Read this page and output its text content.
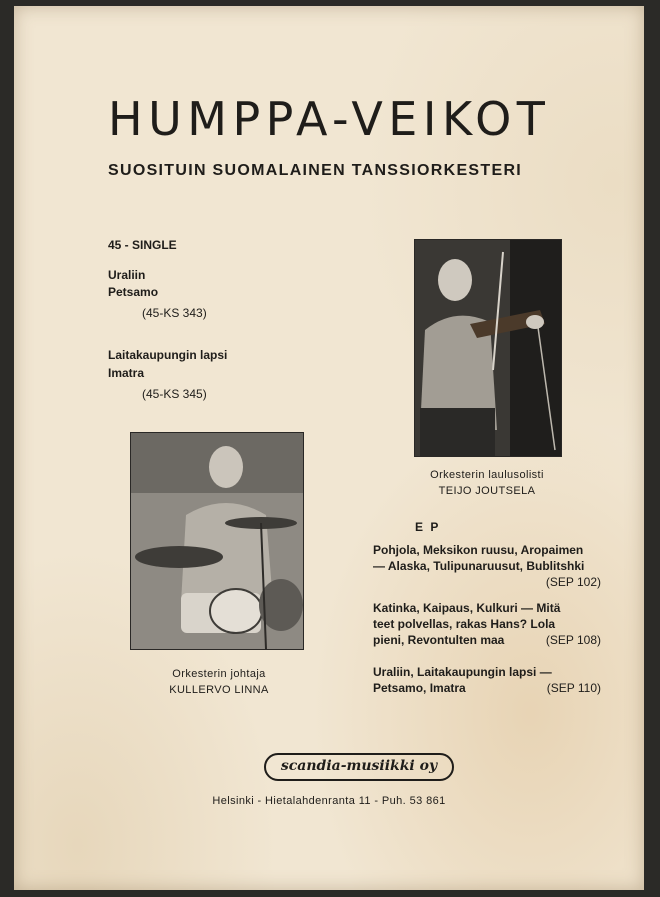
HUMPPA-VEIKOT
SUOSITUIN SUOMALAINEN TANSSIORKESTERI
45 - SINGLE
Uraliin
Petsamo
(45-KS 343)
Laitakaupungin lapsi
Imatra
(45-KS 345)
Orkesterin laulusolisti
TEIJO JOUTSELA
Orkesterin johtaja
KULLERVO LINNA
E P
Pohjola, Meksikon ruusu, Aropaimen
— Alaska, Tulipunaruusut, Bublitshki
(SEP 102)

Katinka, Kaipaus, Kulkuri — Mitä
teet polvellas, rakas Hans? Lola
pieni, Revontulten maa	(SEP 108)
Uraliin, Laitakaupungin lapsi —
Petsamo, Imatra	(SEP 110)
scandia-musiikki oy
Helsinki - Hietalahdenranta 11 - Puh. 53 861
